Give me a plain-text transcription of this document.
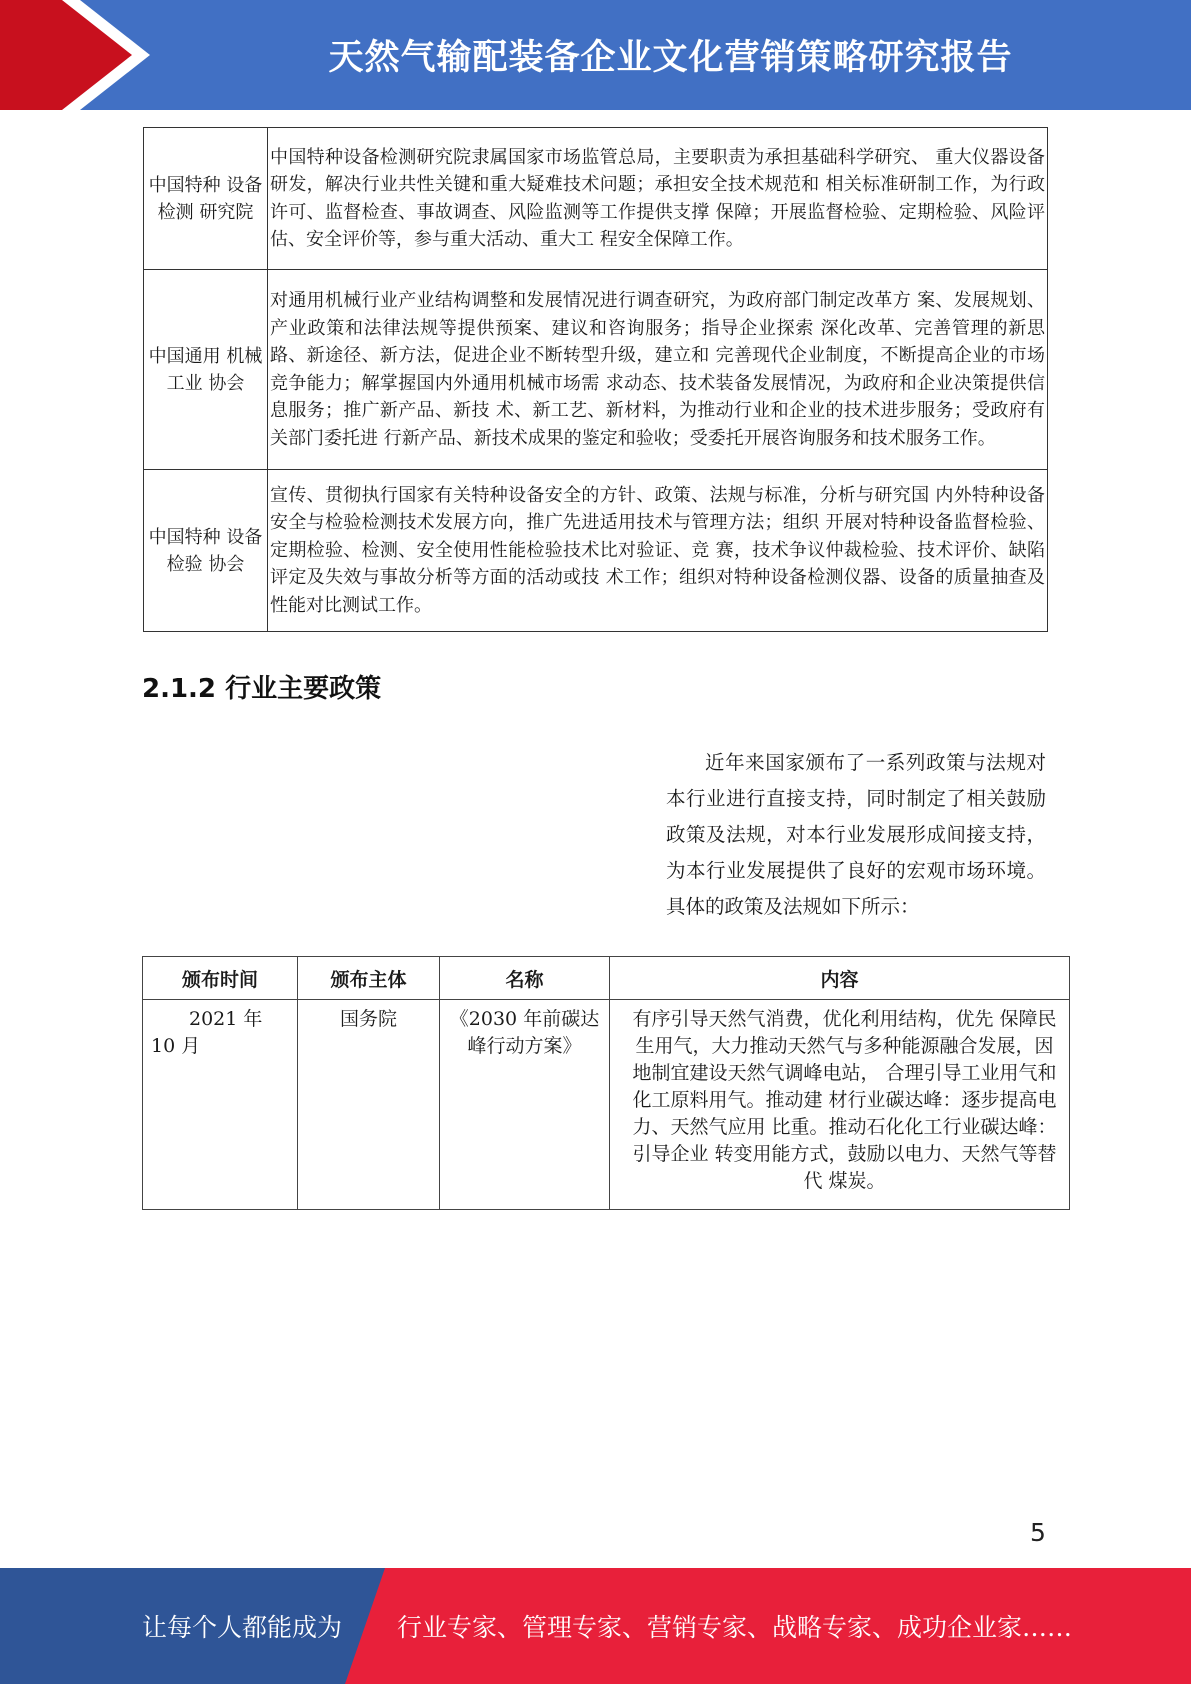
天然气输配装备企业文化营销策略研究报告
中国特种 设备检测 研究院	中国特种设备检测研究院隶属国家市场监管总局，主要职责为承担基础科学研究、 重大仪器设备研发，解决行业共性关键和重大疑难技术问题；承担安全技术规范和 相关标准研制工作，为行政许可、监督检查、事故调查、风险监测等工作提供支撑 保障；开展监督检验、定期检验、风险评估、安全评价等，参与重大活动、重大工 程安全保障工作。
中国通用 机械工业 协会	对通用机械行业产业结构调整和发展情况进行调查研究，为政府部门制定改革方 案、发展规划、产业政策和法律法规等提供预案、建议和咨询服务；指导企业探索 深化改革、完善管理的新思路、新途径、新方法，促进企业不断转型升级，建立和 完善现代企业制度，不断提高企业的市场竞争能力；解掌握国内外通用机械市场需 求动态、技术装备发展情况，为政府和企业决策提供信息服务；推广新产品、新技 术、新工艺、新材料，为推动行业和企业的技术进步服务；受政府有关部门委托进 行新产品、新技术成果的鉴定和验收；受委托开展咨询服务和技术服务工作。
中国特种 设备检验 协会	宣传、贯彻执行国家有关特种设备安全的方针、政策、法规与标准，分析与研究国 内外特种设备安全与检验检测技术发展方向，推广先进适用技术与管理方法；组织 开展对特种设备监督检验、定期检验、检测、安全使用性能检验技术比对验证、竞 赛，技术争议仲裁检验、技术评价、缺陷评定及失效与事故分析等方面的活动或技 术工作；组织对特种设备检测仪器、设备的质量抽查及性能对比测试工作。
2.1.2 行业主要政策
近年来国家颁布了一系列政策与法规对本行业进行直接支持，同时制定了相关鼓励政策及法规，对本行业发展形成间接支持，为本行业发展提供了良好的宏观市场环境。具体的政策及法规如下所示：
颁布时间	颁布主体	名称	内容
2021 年 10 月	国务院	《2030 年前碳达峰行动方案》	有序引导天然气消费，优化利用结构，优先 保障民生用气，大力推动天然气与多种能源融合发展，因地制宜建设天然气调峰电站， 合理引导工业用气和化工原料用气。推动建 材行业碳达峰：逐步提高电力、天然气应用 比重。推动石化化工行业碳达峰：引导企业 转变用能方式，鼓励以电力、天然气等替代 煤炭。
5
让每个人都能成为 行业专家、管理专家、营销专家、战略专家、成功企业家……
